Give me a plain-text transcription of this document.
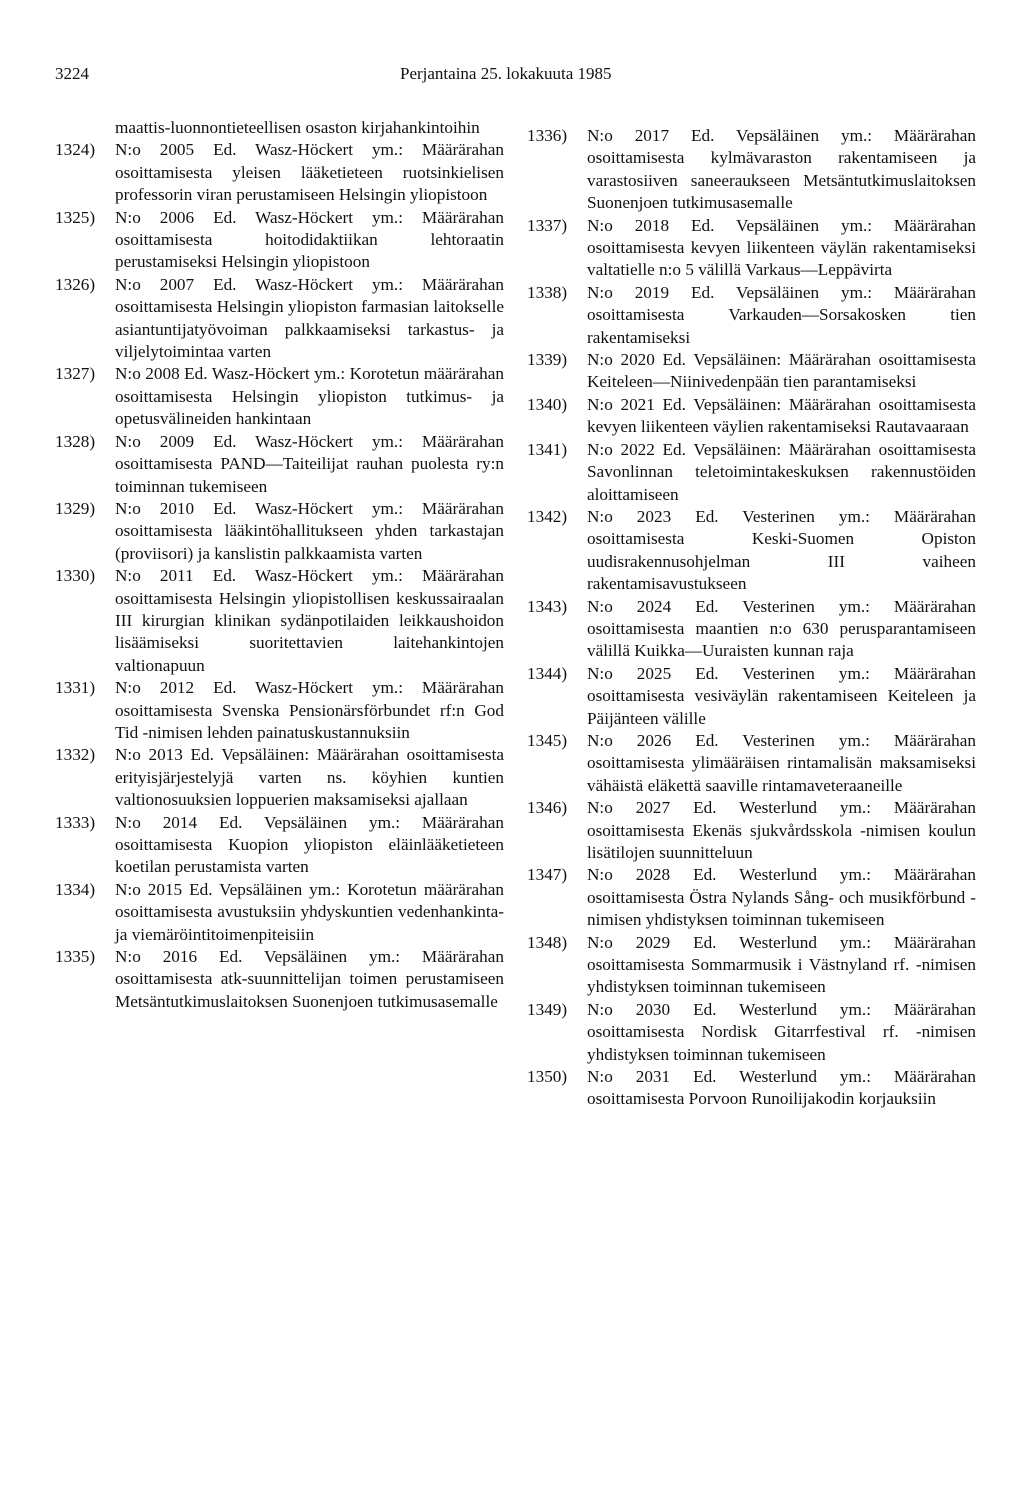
3224	Perjantaina 25. lokakuuta 1985
maattis-luonnontieteellisen osaston kirjahankintoihin
1324)	N:o 2005 Ed. Wasz-Höckert ym.: Määrärahan osoittamisesta yleisen lääketieteen ruotsinkielisen professorin viran perustamiseen Helsingin yliopistoon
1325)	N:o 2006 Ed. Wasz-Höckert ym.: Määrärahan osoittamisesta hoitodidaktiikan lehtoraatin perustamiseksi Helsingin yliopistoon
1326)	N:o 2007 Ed. Wasz-Höckert ym.: Määrärahan osoittamisesta Helsingin yliopiston farmasian laitokselle asiantuntijatyövoiman palkkaamiseksi tarkastus- ja viljelytoimintaa varten
1327)	N:o 2008 Ed. Wasz-Höckert ym.: Korotetun määrärahan osoittamisesta Helsingin yliopiston tutkimus- ja opetusvälineiden hankintaan
1328)	N:o 2009 Ed. Wasz-Höckert ym.: Määrärahan osoittamisesta PAND—Taiteilijat rauhan puolesta ry:n toiminnan tukemiseen
1329)	N:o 2010 Ed. Wasz-Höckert ym.: Määrärahan osoittamisesta lääkintöhallitukseen yhden tarkastajan (proviisori) ja kanslistin palkkaamista varten
1330)	N:o 2011 Ed. Wasz-Höckert ym.: Määrärahan osoittamisesta Helsingin yliopistollisen keskussairaalan III kirurgian klinikan sydänpotilaiden leikkaushoidon lisäämiseksi suoritettavien laitehankintojen valtionapuun
1331)	N:o 2012 Ed. Wasz-Höckert ym.: Määrärahan osoittamisesta Svenska Pensionärsförbundet rf:n God Tid -nimisen lehden painatuskustannuksiin
1332)	N:o 2013 Ed. Vepsäläinen: Määrärahan osoittamisesta erityisjärjestelyjä varten ns. köyhien kuntien valtionosuuksien loppuerien maksamiseksi ajallaan
1333)	N:o 2014 Ed. Vepsäläinen ym.: Määrärahan osoittamisesta Kuopion yliopiston eläinlääketieteen koetilan perustamista varten
1334)	N:o 2015 Ed. Vepsäläinen ym.: Korotetun määrärahan osoittamisesta avustuksiin yhdyskuntien vedenhankinta- ja viemäröintitoimenpiteisiin
1335)	N:o 2016 Ed. Vepsäläinen ym.: Määrärahan osoittamisesta atk-suunnittelijan toimen perustamiseen Metsäntutkimuslaitoksen Suonenjoen tutkimusasemalle
1336)	N:o 2017 Ed. Vepsäläinen ym.: Määrärahan osoittamisesta kylmävaraston rakentamiseen ja varastosiiven saneeraukseen Metsäntutkimuslaitoksen Suonenjoen tutkimusasemalle
1337)	N:o 2018 Ed. Vepsäläinen ym.: Määrärahan osoittamisesta kevyen liikenteen väylän rakentamiseksi valtatielle n:o 5 välillä Varkaus—Leppävirta
1338)	N:o 2019 Ed. Vepsäläinen ym.: Määrärahan osoittamisesta Varkauden—Sorsakosken tien rakentamiseksi
1339)	N:o 2020 Ed. Vepsäläinen: Määrärahan osoittamisesta Keiteleen—Niinivedenpään tien parantamiseksi
1340)	N:o 2021 Ed. Vepsäläinen: Määrärahan osoittamisesta kevyen liikenteen väylien rakentamiseksi Rautavaaraan
1341)	N:o 2022 Ed. Vepsäläinen: Määrärahan osoittamisesta Savonlinnan teletoimintakeskuksen rakennustöiden aloittamiseen
1342)	N:o 2023 Ed. Vesterinen ym.: Määrärahan osoittamisesta Keski-Suomen Opiston uudisrakennusohjelman III vaiheen rakentamisavustukseen
1343)	N:o 2024 Ed. Vesterinen ym.: Määrärahan osoittamisesta maantien n:o 630 perusparantamiseen välillä Kuikka—Uuraisten kunnan raja
1344)	N:o 2025 Ed. Vesterinen ym.: Määrärahan osoittamisesta vesiväylän rakentamiseen Keiteleen ja Päijänteen välille
1345)	N:o 2026 Ed. Vesterinen ym.: Määrärahan osoittamisesta ylimääräisen rintamalisän maksamiseksi vähäistä eläkettä saaville rintamaveteraaneille
1346)	N:o 2027 Ed. Westerlund ym.: Määrärahan osoittamisesta Ekenäs sjukvårdsskola -nimisen koulun lisätilojen suunnitteluun
1347)	N:o 2028 Ed. Westerlund ym.: Määrärahan osoittamisesta Östra Nylands Sång- och musikförbund -nimisen yhdistyksen toiminnan tukemiseen
1348)	N:o 2029 Ed. Westerlund ym.: Määrärahan osoittamisesta Sommarmusik i Västnyland rf. -nimisen yhdistyksen toiminnan tukemiseen
1349)	N:o 2030 Ed. Westerlund ym.: Määrärahan osoittamisesta Nordisk Gitarrfestival rf. -nimisen yhdistyksen toiminnan tukemiseen
1350)	N:o 2031 Ed. Westerlund ym.: Määrärahan osoittamisesta Porvoon Runoilijakodin korjauksiin
